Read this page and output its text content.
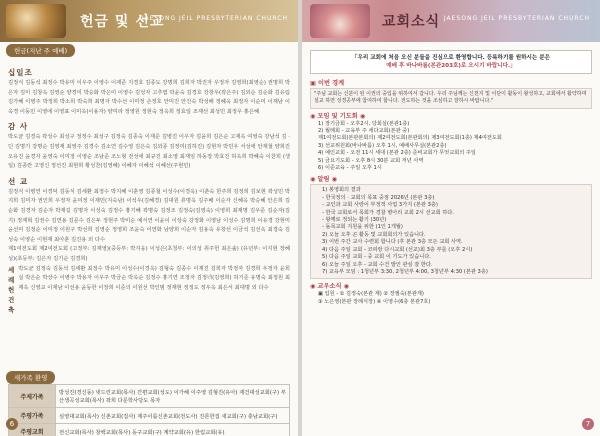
헌금 및 선교
JAESONG JEIL PRESBYTERIAN CHURCH
헌금(지난 주 예배)
십일조
김정식 김동석 최정수 박유미 이우주 이영수 이재준 지경호 김종도 강명희 김희자 박진자 우정자 김영희(최영순) 권명희 박은자 김미 김창옥 김영순 양경미 박승화 박은미 이영수 김성자 고추엽 곽윤숙 김경호 강창우(곽은주) 김외순 김순화 김유림 김가혜 이병주 박정희 박소희 박숙희 최명자 박수선 이미정 손정호 안미진 안진숙 박성배 정혜옥 최정자 이순미 이재남 이옥경 이동민 이영애 이영표 이미옥(이용자) 양미라 정영원 정현숙 정옥희 정효일 조재선 최성민 최정우 홍은혜
감 사
박도균 김경숙 곽성수 최성구 정정수 최성구 김정숙 김종숙 이재준 김병진 이우자 김윤희 김은순 고재옥 여영숙 강남석 김 · 딘 김명기 강명순 김영재 최영주 김경수 김소연 김수영 김은숙 김외종 김정미(김하진) 김현자 박민우 서성애 안재철 양희진 오유진 윤경자 윤영숙 이미정 이영순 조남준 조노형 전성애 최규진 최소영 최재임 하동장 박효진 허옥희 박혜숙 이찬희 (생일) 김종란 고영신 정선진 최현희 황성찬(김영혜) 이혜자 이혜석 이혜선(주현민)
선 교
김정식 이병연 이경덕 김동식 김세환 최정수 박지혜 이훈영 김종철 이성수(이경옥) 이춘숙 한주희 김정희 김보현 곽성민 박지희 김미자 권인희 우정자 윤미정 이재민(지숙남) 이석우(김혜경) 김대원 류명옥 김주배 이순자 신혜옥 박승혜 안은희 김순화 김경자 김순자 박재길 김명자 이성숙 김정수 홍기혜 곽명숙 김정조 김정숙(김영숙) 이영희 최재명 김우준 김순자(김지) 정재혁 김권수 김연용 김문수 김은두 정현주 박미순 예서연 이윤이 이상숙 강정화 이영남 이성수 김명희 이유경 강현미 윤선미 김정순 이미정 이원구 박선희 김영순 정영희 조윤숙 이연화 남양희 이순자 김용숙 유창선 이금석 김선옥 최경숙 김성숙 이영순 이현재 최아훈 김진용 외 다수
제1여전도회 제2여전도회 (고정부: 김재영)(중등부: 박지웅) 이성은(초청부: 이의성 취주헌 최은솔) (유년부: 이지현 장혜성)(초등부: 김은자 김기순 김경희)
세 례 헌 건 축
박도균 김정숙 김동석 김세환 최정수 박유미 이성수(이경옥) 김형숙 김종수 이재진 김희자 박정자 김경희 우정자 윤희실 박은순 박상수 이병주 박용자 이우주 박금순 박옥순 김정수 홍기연 조정자 김정녀(김영희) 허기준 유명숙 최정원 최재옥 신영교 이재남 이선용 윤동한 이장희 이준의 이원선 박인범 정재현 정정도 정우옥 최은서 최대명 외 다수
새가족 환영
주제가족	방성진(경신동) 넷드린교회(목사) 간편교회(성도) 이가혜 이주영 김형진(유아) 재건대성교회(구) 부산생곡성교회(목사) 곽희 다문학사당도 목자
주평가족	심영대교회(목사) 신촌교회(집사) 제주이룸신촌교회(전도사) 진론한집 새교회(구) 충남교회(구)
주평교회	전신교회(목사) 창백교회(목사) 동구교회(구) 계약교회(유) 한림교회(유)
6
교회소식 JAESONG JEIL PRESBYTERIAN CHURCH
「우리 교회에 처음 오신 분들을 진심으로 환영합니다. 등록하기를 원하시는 분은
예배 후 바나바룸(본관203호)로 오시기 바랍니다.」
▣ 이번 경계
"주님 교회는 신분이 된 이권의 중입을 위하여서 갑니다. 우리 주님께는 신천지 및 이단이 활동이 왕성하고, 교회에서 활약하며 설교 하면 성경공부에 참여하여 합니다. 전도하는 것을 조심하고 잘하시 바랍니다."
◉ 모임 및 기도회 ◉
1) 장기금회 - 오후2시, 당회실(본관1층)
2) 월례회 - 교육부 주 세다교회(본관 중)
제1여전도회(본관본회의) 제2여전도회(본관회의) 제3여전도회(1층) 제4여전도회
3) 선교위원회(바나바룸) 오후 1시, 예배사무실(본관2층)
4) 예인교회 - 오전 11시 세대 (본관 2층) 준비교회가 무엇교회의 주일
5) 금요기도회 - 오후 8시 30분 교회 저년 사역
6) 이준교육 - 주일 오후 1시
◉ 알림 ◉
1) 봉영회의 결과
- 한국정의 · 교회의 목표 중점 2026년 (본관 3층)
- 교인과 교회 사랑이 부정적 사업 3가지 (본관 3층)
- 한국 교회로서 목회가 경찰 병아리 교회 2시 선교회 하다.
- 왕께로 정되는 활기 (30년)
- 돌목교회 지원을 위한 (1인 1개월)
2) 오늘 오후 곤 활동 및 교회회의가 있습니다.
3) 이번 주간 교사 수련회 합니다 (후 본관 3층 모든 교회 사역.
4) 다음 주일 교회 - 코피랑 다시교회 (선교)회 3층 부를 (오후 2시)
5) 다음 주일 교회 - 중 교회 이 기도가 있습니다.
6) 오늘 주일 오후 - 교회 수건 발인 관심 잘 한다.
7) 교육부 모임 : 1청년부 3:30, 2청년부 4:00, 3청년부 4:30 (본관 3층)
◉ 교우소식 ◉
▣ 입원 - ① 김정숙(본관 계) ② 장필숙(본관계)
③ 노은영(본관 장례식장) ④ 이영수(6층 본관7호)
7
